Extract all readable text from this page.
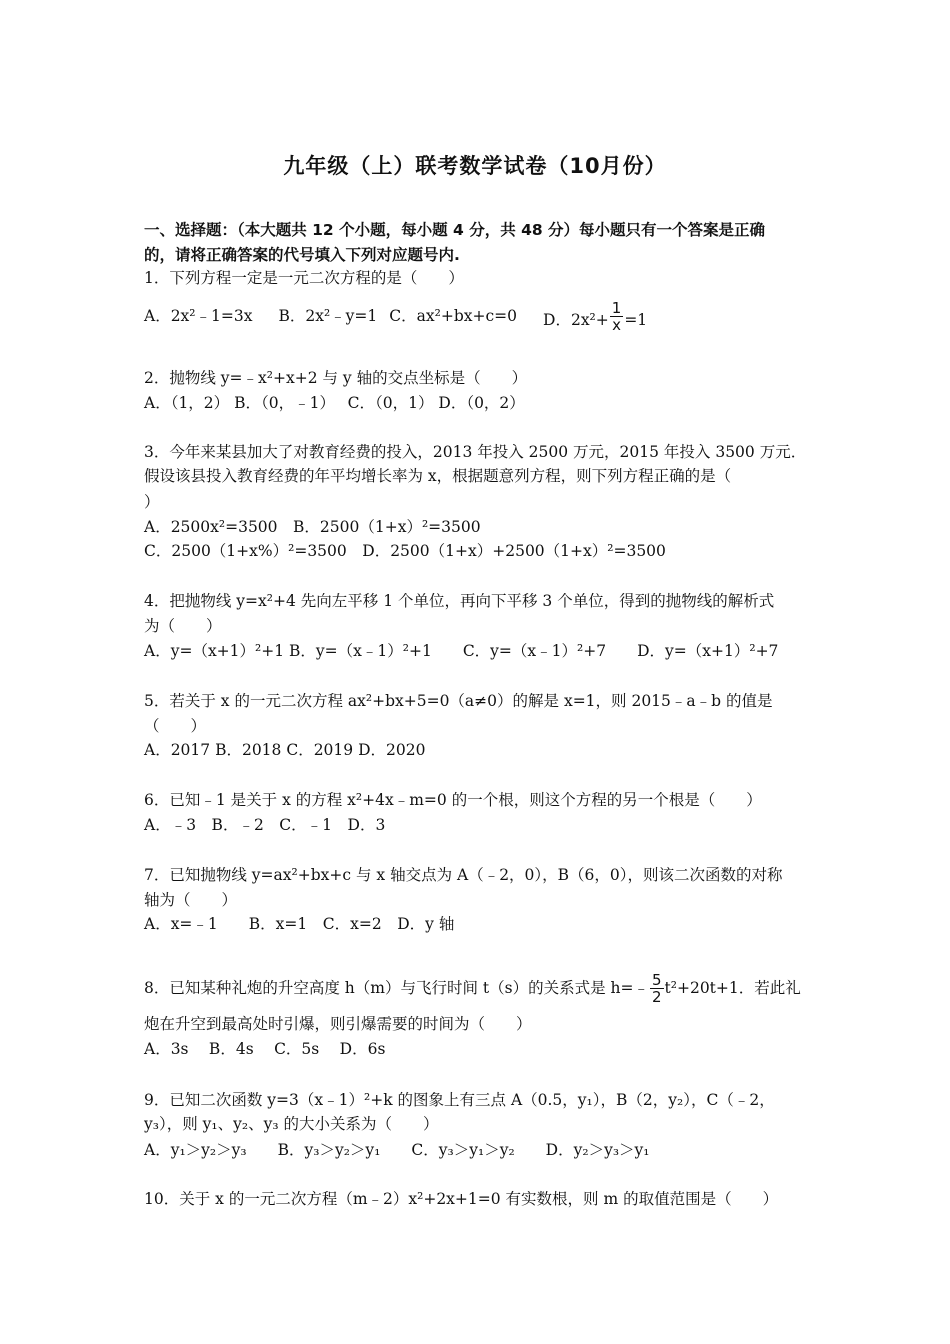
九年级（上）联考数学试卷（10月份）
一、选择题：（本大题共 12 个小题，每小题 4 分，共 48 分）每小题只有一个答案是正确
的，请将正确答案的代号填入下列对应题号内.
1．下列方程一定是一元二次方程的是（　　）
A．2x²﹣1=3x B．2x²﹣y=1 C．ax²+bx+c=0 D．$2x^2+ \frac{1}{x} =1$
2．抛物线 y=﹣x²+x+2 与 y 轴的交点坐标是（　　）
A．（1，2） B．（0，﹣1）　 C．（0，1） D．（0，2）
3．今年来某县加大了对教育经费的投入，2013 年投入 2500 万元，2015 年投入 3500 万元．
假设该县投入教育经费的年平均增长率为 x，根据题意列方程，则下列方程正确的是（
）
A．2500x²=3500　B．2500（1+x）²=3500
C．2500（1+x%）²=3500　D．2500（1+x）+2500（1+x）²=3500
4．把抛物线 y=x²+4 先向左平移 1 个单位，再向下平移 3 个单位，得到的抛物线的解析式
为（　　）
A．y=（x+1）²+1 B．y=（x﹣1）²+1　　C．y=（x﹣1）²+7　　D．y=（x+1）²+7
5．若关于 x 的一元二次方程 ax²+bx+5=0（a≠0）的解是 x=1，则 2015﹣a﹣b 的值是
（　　）
A．2017 B．2018 C．2019 D．2020
6．已知﹣1 是关于 x 的方程 x²+4x﹣m=0 的一个根，则这个方程的另一个根是（　　）
A．﹣3　B．﹣2　C．﹣1　D．3
7．已知抛物线 y=ax²+bx+c 与 x 轴交点为 A（﹣2，0），B（6，0），则该二次函数的对称
轴为（　　）
A．x=﹣1　　B．x=1　C．x=2　D．y 轴
8．已知某种礼炮的升空高度 h（m）与飞行时间 t（s）的关系式是 h=﹣ $\frac{5}{2} t^2+20t+1$．若此礼
炮在升空到最高处时引爆，则引爆需要的时间为（　　）
A．3s　 B．4s　 C．5s　 D．6s
9．已知二次函数 y=3（x﹣1）²+k 的图象上有三点 A（0.5，y₁），B（2，y₂），C（﹣2，
y₃），则 y₁、y₂、y₃ 的大小关系为（　　）
A．y₁＞y₂＞y₃　　B．y₃＞y₂＞y₁　　C．y₃＞y₁＞y₂　　D．y₂＞y₃＞y₁
10．关于 x 的一元二次方程（m﹣2）x²+2x+1=0 有实数根，则 m 的取值范围是（　　）
